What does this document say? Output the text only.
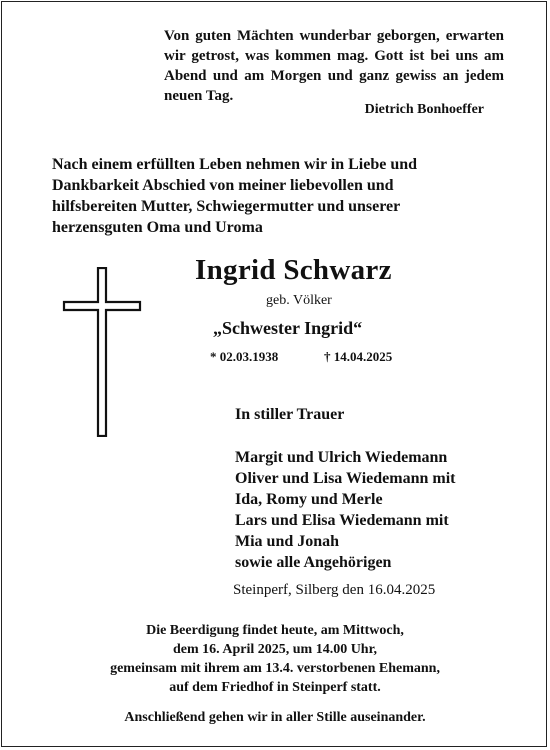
Von guten Mächten wunderbar geborgen, erwarten
wir getrost, was kommen mag. Gott ist bei uns am
Abend und am Morgen und ganz gewiss an jedem
neuen Tag.
Dietrich Bonhoeffer
Nach einem erfüllten Leben nehmen wir in Liebe und
Dankbarkeit Abschied von meiner liebevollen und
hilfsbereiten Mutter, Schwiegermutter und unserer
herzensguten Oma und Uroma
Ingrid Schwarz
geb. Völker
„Schwester Ingrid“
* 02.03.1938	† 14.04.2025
In stiller Trauer
Margit und Ulrich Wiedemann
Oliver und Lisa Wiedemann mit
Ida, Romy und Merle
Lars und Elisa Wiedemann mit
Mia und Jonah
sowie alle Angehörigen
Steinperf, Silberg den 16.04.2025
Die Beerdigung findet heute, am Mittwoch,
dem 16. April 2025, um 14.00 Uhr,
gemeinsam mit ihrem am 13.4. verstorbenen Ehemann,
auf dem Friedhof in Steinperf statt.
Anschließend gehen wir in aller Stille auseinander.
